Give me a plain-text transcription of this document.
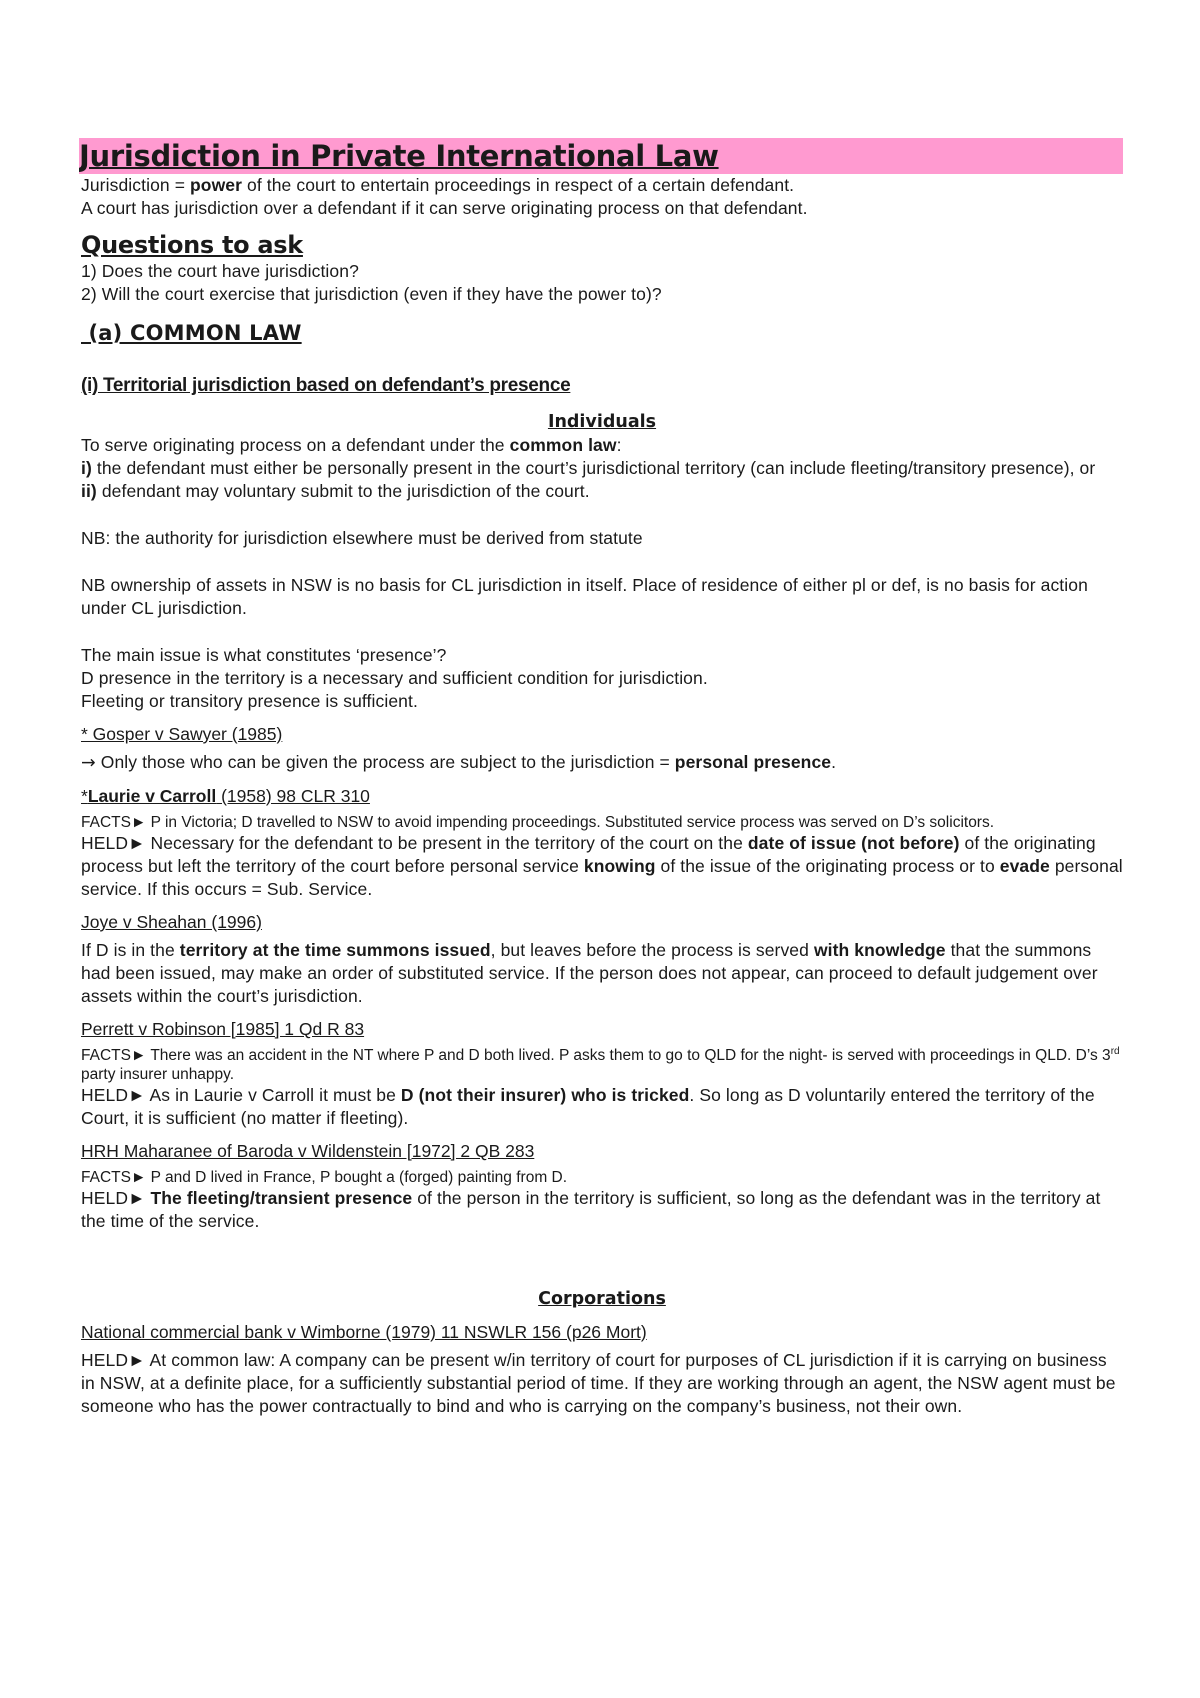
Jurisdiction in Private International Law

Jurisdiction = power of the court to entertain proceedings in respect of a certain defendant.

A court has jurisdiction over a defendant if it can serve originating process on that defendant.

Questions to ask

1) Does the court have jurisdiction?

2) Will the court exercise that jurisdiction (even if they have the power to)?

(a) COMMON LAW
(i) Territorial jurisdiction based on defendant’s presence
Individuals

To serve originating process on a defendant under the common law:

i) the defendant must either be personally present in the court’s jurisdictional territory (can include fleeting/transitory presence), or

ii) defendant may voluntary submit to the jurisdiction of the court.

NB: the authority for jurisdiction elsewhere must be derived from statute

NB ownership of assets in NSW is no basis for CL jurisdiction in itself. Place of residence of either pl or def, is no basis for action under CL jurisdiction.

The main issue is what constitutes ‘presence’?

D presence in the territory is a necessary and sufficient condition for jurisdiction.

Fleeting or transitory presence is sufficient.

* Gosper v Sawyer (1985)

→ Only those who can be given the process are subject to the jurisdiction = personal presence.

*Laurie v Carroll (1958) 98 CLR 310

FACTS► P in Victoria; D travelled to NSW to avoid impending proceedings. Substituted service process was served on D’s solicitors.

HELD► Necessary for the defendant to be present in the territory of the court on the date of issue (not before) of the originating process but left the territory of the court before personal service knowing of the issue of the originating process or to evade personal service. If this occurs = Sub. Service.

Joye v Sheahan (1996)

If D is in the territory at the time summons issued, but leaves before the process is served with knowledge that the summons had been issued, may make an order of substituted service. If the person does not appear, can proceed to default judgement over assets within the court’s jurisdiction.

Perrett v Robinson [1985] 1 Qd R 83

FACTS► There was an accident in the NT where P and D both lived. P asks them to go to QLD for the night- is served with proceedings in QLD. D’s 3rd party insurer unhappy.

HELD► As in Laurie v Carroll it must be D (not their insurer) who is tricked. So long as D voluntarily entered the territory of the Court, it is sufficient (no matter if fleeting).

HRH Maharanee of Baroda v Wildenstein [1972] 2 QB 283

FACTS► P and D lived in France, P bought a (forged) painting from D.

HELD► The fleeting/transient presence of the person in the territory is sufficient, so long as the defendant was in the territory at the time of the service.

Corporations

National commercial bank v Wimborne (1979) 11 NSWLR 156 (p26 Mort)

HELD► At common law: A company can be present w/in territory of court for purposes of CL jurisdiction if it is carrying on business in NSW, at a definite place, for a sufficiently substantial period of time. If they are working through an agent, the NSW agent must be someone who has the power contractually to bind and who is carrying on the company’s business, not their own.
